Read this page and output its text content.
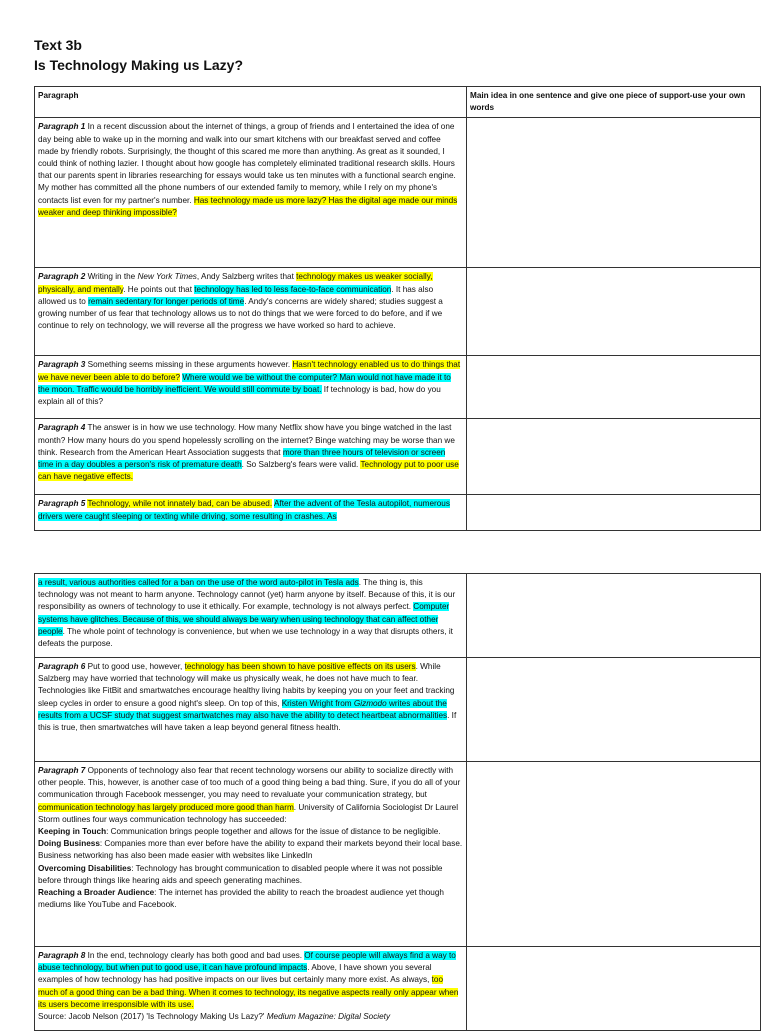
Text 3b
Is Technology Making us Lazy?
Paragraph	Main idea in one sentence and give one piece of support-use your own words
Paragraph 1 In a recent discussion about the internet of things, a group of friends and I entertained the idea of one day being able to wake up in the morning and walk into our smart kitchens with our breakfast served and coffee made by friendly robots. Surprisingly, the thought of this scared me more than anything. As great as it sounded, I could think of nothing lazier. I thought about how google has completely eliminated traditional research skills. Hours that our parents spent in libraries researching for essays would take us ten minutes with a functional search engine. My mother has committed all the phone numbers of our extended family to memory, while I rely on my phone's contacts list even for my partner's number. Has technology made us more lazy? Has the digital age made our minds weaker and deep thinking impossible?	
Paragraph 2 Writing in the New York Times, Andy Salzberg writes that technology makes us weaker socially, physically, and mentally. He points out that technology has led to less face-to-face communication. It has also allowed us to remain sedentary for longer periods of time. Andy's concerns are widely shared; studies suggest a growing number of us fear that technology allows us to not do things that we were forced to do before, and if we continue to rely on technology, we will reverse all the progress we have worked so hard to achieve.	
Paragraph 3 Something seems missing in these arguments however. Hasn't technology enabled us to do things that we have never been able to do before? Where would we be without the computer? Man would not have made it to the moon. Traffic would be horribly inefficient. We would still commute by boat. If technology is bad, how do you explain all of this?	
Paragraph 4 The answer is in how we use technology. How many Netflix show have you binge watched in the last month? How many hours do you spend hopelessly scrolling on the internet? Binge watching may be worse than we think. Research from the American Heart Association suggests that more than three hours of television or screen time in a day doubles a person's risk of premature death. So Salzberg's fears were valid. Technology put to poor use can have negative effects.	
Paragraph 5 Technology, while not innately bad, can be abused. After the advent of the Tesla autopilot, numerous drivers were caught sleeping or texting while driving, some resulting in crashes. As	
a result, various authorities called for a ban on the use of the word auto-pilot in Tesla ads. The thing is, this technology was not meant to harm anyone. Technology cannot (yet) harm anyone by itself. Because of this, it is our responsibility as owners of technology to use it ethically. For example, technology is not always perfect. Computer systems have glitches. Because of this, we should always be wary when using technology that can affect other people. The whole point of technology is convenience, but when we use technology in a way that disrupts others, it defeats the purpose.	
Paragraph 6 Put to good use, however, technology has been shown to have positive effects on its users. While Salzberg may have worried that technology will make us physically weak, he does not have much to fear. Technologies like FitBit and smartwatches encourage healthy living habits by keeping you on your feet and tracking sleep cycles in order to ensure a good night's sleep. On top of this, Kristen Wright from Gizmodo writes about the results from a UCSF study that suggest smartwatches may also have the ability to detect heartbeat abnormalities. If this is true, then smartwatches will have taken a leap beyond general fitness health.	
Paragraph 7 Opponents of technology also fear that recent technology worsens our ability to socialize directly with other people. This, however, is another case of too much of a good thing being a bad thing. Sure, if you do all of your communication through Facebook messenger, you may need to revaluate your communication strategy, but communication technology has largely produced more good than harm. University of California Sociologist Dr Laurel Storm outlines four ways communication technology has succeeded:
Keeping in Touch: Communication brings people together and allows for the issue of distance to be negligible.
Doing Business: Companies more than ever before have the ability to expand their markets beyond their local base. Business networking has also been made easier with websites like LinkedIn
Overcoming Disabilities: Technology has brought communication to disabled people where it was not possible before through things like hearing aids and speech generating machines.
Reaching a Broader Audience: The internet has provided the ability to reach the broadest audience yet though mediums like YouTube and Facebook.	
Paragraph 8 In the end, technology clearly has both good and bad uses. Of course people will always find a way to abuse technology, but when put to good use, it can have profound impacts. Above, I have shown you several examples of how technology has had positive impacts on our lives but certainly many more exist. As always, too much of a good thing can be a bad thing. When it comes to technology, its negative aspects really only appear when its users become irresponsible with its use.
Source: Jacob Nelson (2017) 'Is Technology Making Us Lazy?' Medium Magazine: Digital Society	
